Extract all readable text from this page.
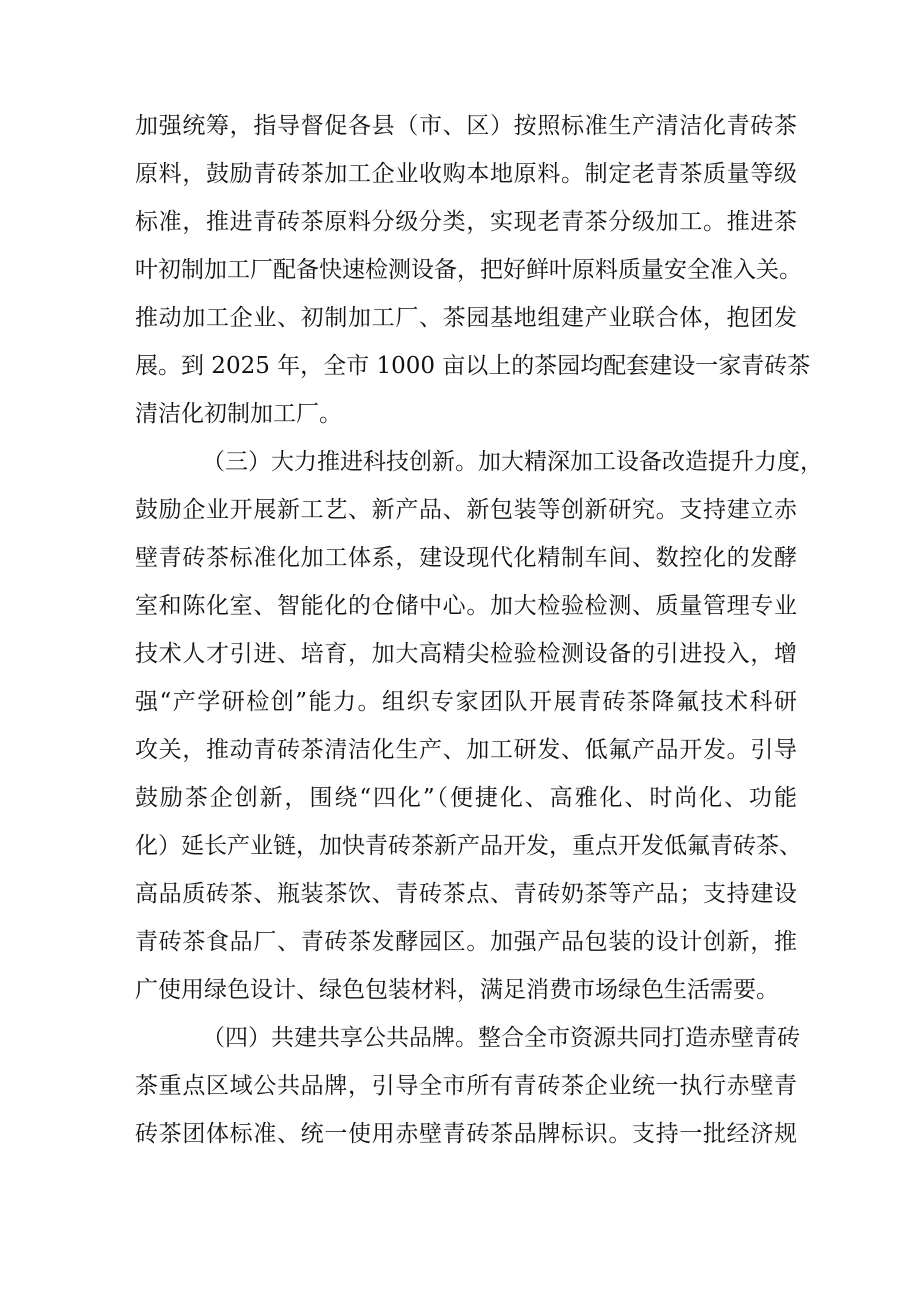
加强统筹，指导督促各县（市、区）按照标准生产清洁化青砖茶
原料，鼓励青砖茶加工企业收购本地原料。制定老青茶质量等级
标准，推进青砖茶原料分级分类，实现老青茶分级加工。推进茶
叶初制加工厂配备快速检测设备，把好鲜叶原料质量安全准入关。
推动加工企业、初制加工厂、茶园基地组建产业联合体，抱团发
展。到 2025 年，全市 1000 亩以上的茶园均配套建设一家青砖茶
清洁化初制加工厂。
（三）大力推进科技创新。加大精深加工设备改造提升力度，
鼓励企业开展新工艺、新产品、新包装等创新研究。支持建立赤
壁青砖茶标准化加工体系，建设现代化精制车间、数控化的发酵
室和陈化室、智能化的仓储中心。加大检验检测、质量管理专业
技术人才引进、培育，加大高精尖检验检测设备的引进投入，增
强“产学研检创”能力。组织专家团队开展青砖茶降氟技术科研
攻关，推动青砖茶清洁化生产、加工研发、低氟产品开发。引导
鼓励茶企创新，围绕“四化”（便捷化、高雅化、时尚化、功能
化）延长产业链，加快青砖茶新产品开发，重点开发低氟青砖茶、
高品质砖茶、瓶装茶饮、青砖茶点、青砖奶茶等产品；支持建设
青砖茶食品厂、青砖茶发酵园区。加强产品包装的设计创新，推
广使用绿色设计、绿色包装材料，满足消费市场绿色生活需要。
（四）共建共享公共品牌。整合全市资源共同打造赤壁青砖
茶重点区域公共品牌，引导全市所有青砖茶企业统一执行赤壁青
砖茶团体标准、统一使用赤壁青砖茶品牌标识。支持一批经济规
